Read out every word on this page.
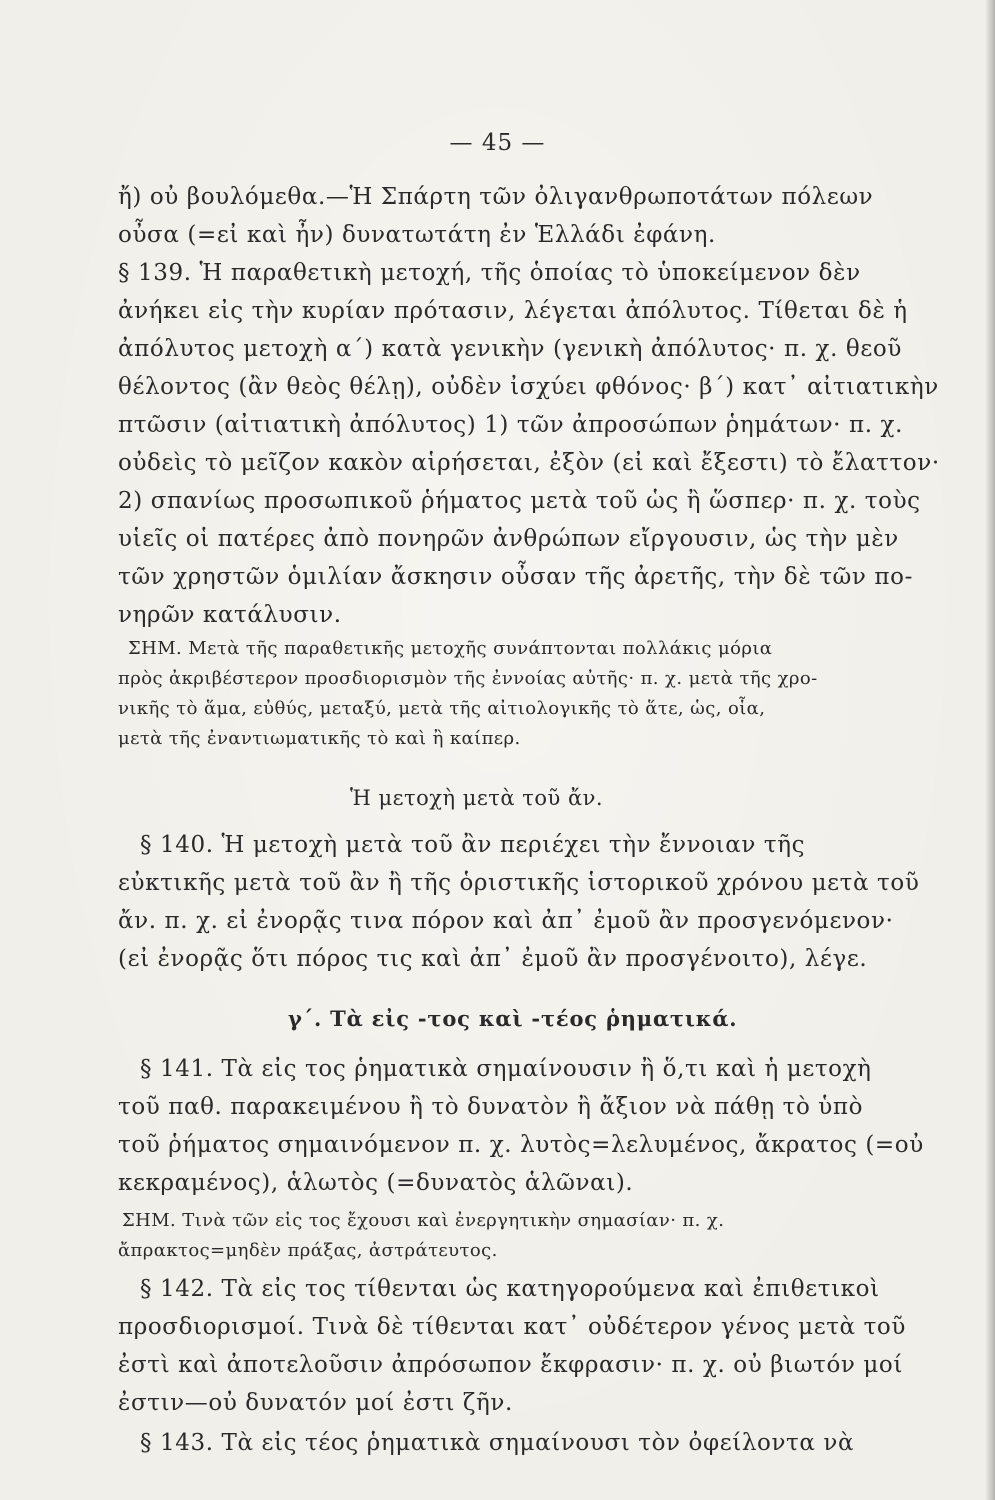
— 45 —
ἤ) οὐ βουλόμεθα.—Ἡ Σπάρτη τῶν ὀλιγανθρωποτάτων πόλεων
οὖσα (=εἰ καὶ ἦν) δυνατωτάτη ἐν Ἑλλάδι ἐφάνη.
§ 139. Ἡ παραθετικὴ μετοχή, τῆς ὁποίας τὸ ὑποκείμενον δὲν
ἀνήκει εἰς τὴν κυρίαν πρότασιν, λέγεται ἀπόλυτος. Τίθεται δὲ ἡ
ἀπόλυτος μετοχὴ α΄) κατὰ γενικὴν (γενικὴ ἀπόλυτος· π. χ. θεοῦ
θέλοντος (ἂν θεὸς θέλῃ), οὐδὲν ἰσχύει φθόνος· β΄) κατ᾽ αἰτιατικὴν
πτῶσιν (αἰτιατικὴ ἀπόλυτος) 1) τῶν ἀπροσώπων ῥημάτων· π. χ.
οὐδεὶς τὸ μεῖζον κακὸν αἱρήσεται, ἐξὸν (εἰ καὶ ἔξεστι) τὸ ἔλαττον·
2) σπανίως προσωπικοῦ ῥήματος μετὰ τοῦ ὡς ἢ ὥσπερ· π. χ. τοὺς
υἱεῖς οἱ πατέρες ἀπὸ πονηρῶν ἀνθρώπων εἴργουσιν, ὡς τὴν μὲν
τῶν χρηστῶν ὁμιλίαν ἄσκησιν οὖσαν τῆς ἀρετῆς, τὴν δὲ τῶν πο-
νηρῶν κατάλυσιν.
ΣΗΜ. Μετὰ τῆς παραθετικῆς μετοχῆς συνάπτονται πολλάκις μόρια
πρὸς ἀκριβέστερον προσδιορισμὸν τῆς ἐννοίας αὐτῆς· π. χ. μετὰ τῆς χρο-
νικῆς τὸ ἅμα, εὐθύς, μεταξύ, μετὰ τῆς αἰτιολογικῆς τὸ ἅτε, ὡς, οἷα,
μετὰ τῆς ἐναντιωματικῆς τὸ καὶ ἢ καίπερ.
Ἡ μετοχὴ μετὰ τοῦ ἄν.
§ 140. Ἡ μετοχὴ μετὰ τοῦ ἂν περιέχει τὴν ἔννοιαν τῆς
εὐκτικῆς μετὰ τοῦ ἂν ἢ τῆς ὁριστικῆς ἱστορικοῦ χρόνου μετὰ τοῦ
ἄν. π. χ. εἰ ἐνορᾷς τινα πόρον καὶ ἀπ᾽ ἐμοῦ ἂν προσγενόμενον·
(εἰ ἐνορᾷς ὅτι πόρος τις καὶ ἀπ᾽ ἐμοῦ ἂν προσγένοιτο), λέγε.
γ΄. Τὰ εἰς -τος καὶ -τέος ῥηματικά.
§ 141. Τὰ εἰς τος ῥηματικὰ σημαίνουσιν ἢ ὅ,τι καὶ ἡ μετοχὴ
τοῦ παθ. παρακειμένου ἢ τὸ δυνατὸν ἢ ἄξιον νὰ πάθῃ τὸ ὑπὸ
τοῦ ῥήματος σημαινόμενον π. χ. λυτὸς=λελυμένος, ἄκρατος (=οὐ
κεκραμένος), ἁλωτὸς (=δυνατὸς ἁλῶναι).
ΣΗΜ. Τινὰ τῶν εἰς τος ἔχουσι καὶ ἐνεργητικὴν σημασίαν· π. χ.
ἄπρακτος=μηδὲν πράξας, ἀστράτευτος.
§ 142. Τὰ εἰς τος τίθενται ὡς κατηγορούμενα καὶ ἐπιθετικοὶ
προσδιορισμοί. Τινὰ δὲ τίθενται κατ᾽ οὐδέτερον γένος μετὰ τοῦ
ἐστὶ καὶ ἀποτελοῦσιν ἀπρόσωπον ἔκφρασιν· π. χ. οὐ βιωτόν μοί
ἐστιν—οὐ δυνατόν μοί ἐστι ζῆν.
§ 143. Τὰ εἰς τέος ῥηματικὰ σημαίνουσι τὸν ὀφείλοντα νὰ
